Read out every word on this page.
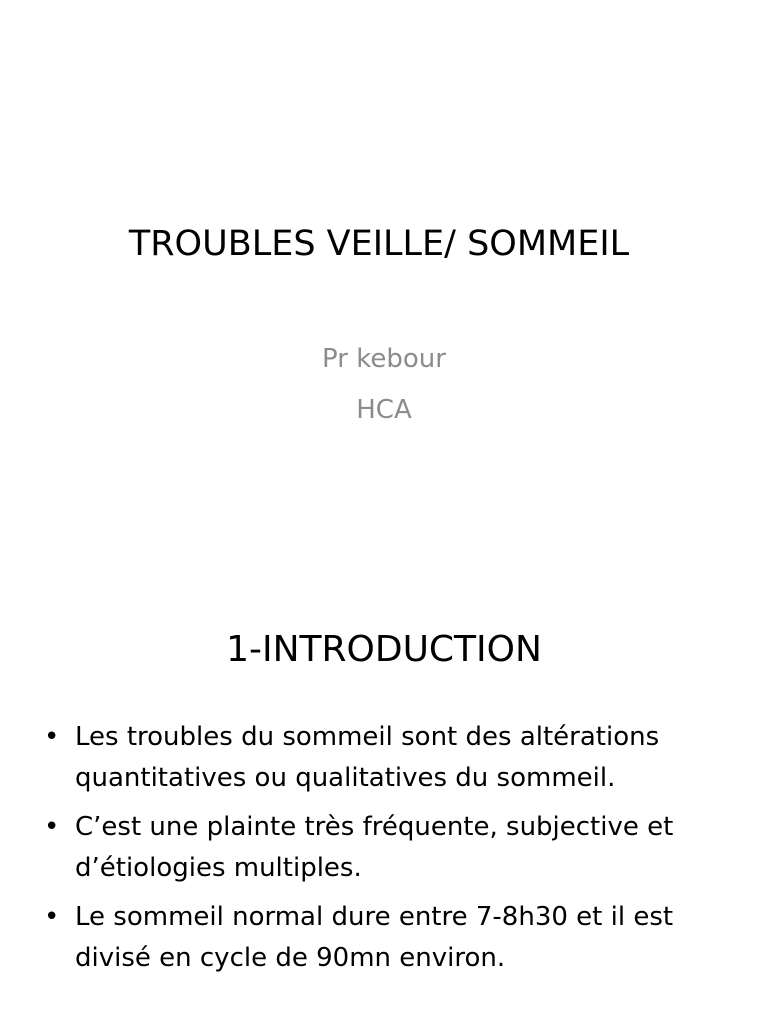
TROUBLES VEILLE/ SOMMEIL
Pr kebour
HCA
1-INTRODUCTION
• Les troubles du sommeil sont des altérations quantitatives ou qualitatives du sommeil.
• C’est une plainte très fréquente, subjective et d’étiologies multiples.
• Le sommeil normal dure entre 7-8h30 et il est divisé en cycle de 90mn environ.
